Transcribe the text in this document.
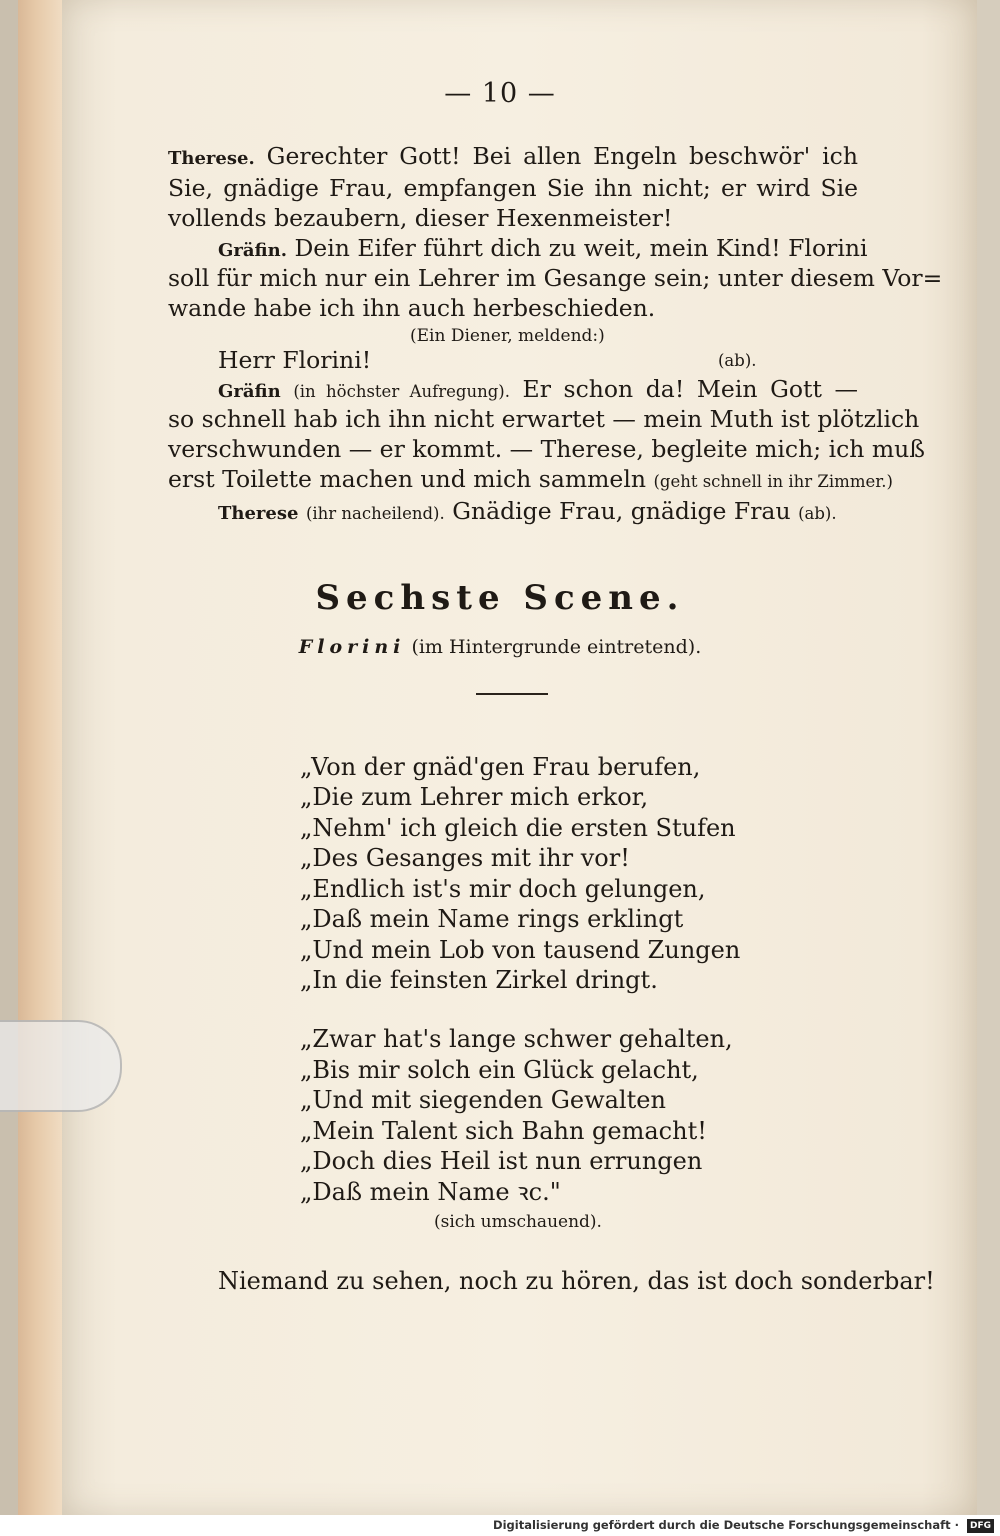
— 10 —
Therese. Gerechter Gott! Bei allen Engeln beschwör' ich
Sie, gnädige Frau, empfangen Sie ihn nicht; er wird Sie
vollends bezaubern, dieser Hexenmeister!
Gräfin. Dein Eifer führt dich zu weit, mein Kind! Florini
soll für mich nur ein Lehrer im Gesange sein; unter diesem Vor=
wande habe ich ihn auch herbeschieden.
(Ein Diener, meldend:)
Herr Florini!	(ab).
Gräfin (in höchster Aufregung). Er schon da! Mein Gott —
so schnell hab ich ihn nicht erwartet — mein Muth ist plötzlich
verschwunden — er kommt. — Therese, begleite mich; ich muß
erst Toilette machen und mich sammeln (geht schnell in ihr Zimmer.)
Therese (ihr nacheilend). Gnädige Frau, gnädige Frau (ab).
Sechste Scene.
Florini (im Hintergrunde eintretend).
„Von der gnäd'gen Frau berufen,
„Die zum Lehrer mich erkor,
„Nehm' ich gleich die ersten Stufen
„Des Gesanges mit ihr vor!
„Endlich ist's mir doch gelungen,
„Daß mein Name rings erklingt
„Und mein Lob von tausend Zungen
„In die feinsten Zirkel dringt.
„Zwar hat's lange schwer gehalten,
„Bis mir solch ein Glück gelacht,
„Und mit siegenden Gewalten
„Mein Talent sich Bahn gemacht!
„Doch dies Heil ist nun errungen
„Daß mein Name ꝛc."
(sich umschauend).
Niemand zu sehen, noch zu hören, das ist doch sonderbar!
Digitalisierung gefördert durch die Deutsche Forschungsgemeinschaft · DFG
